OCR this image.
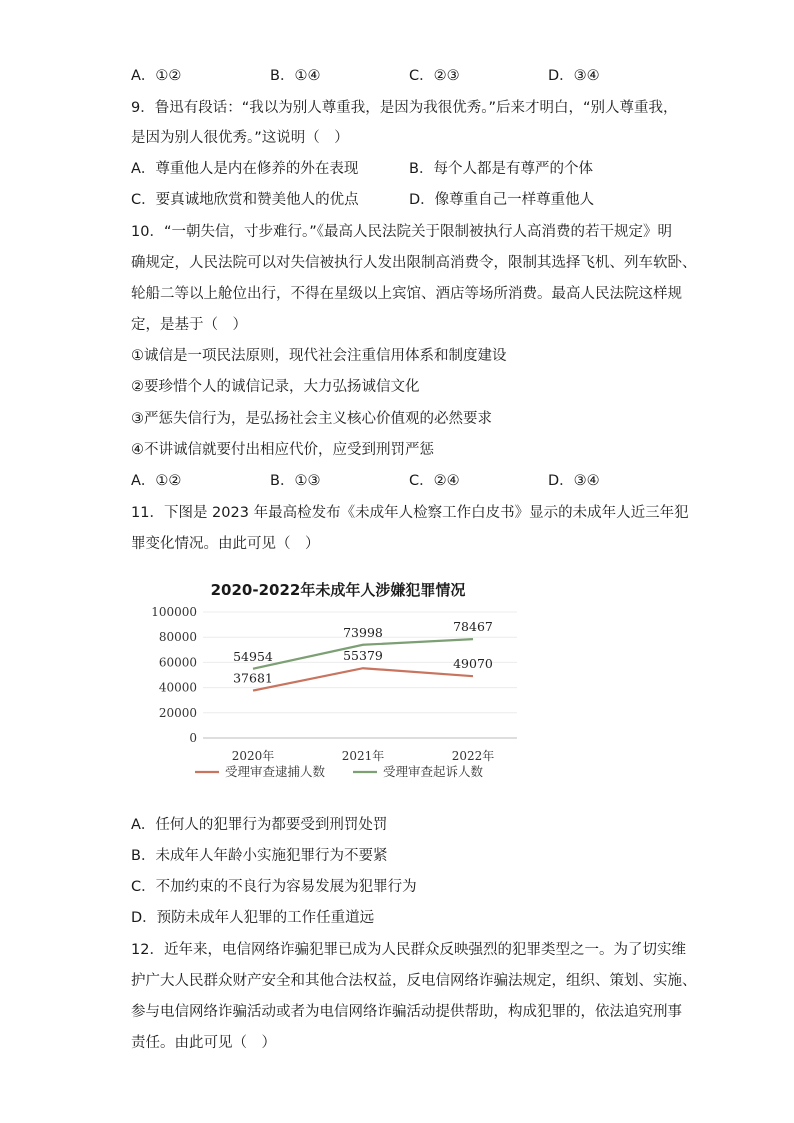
A．①②	B．①④	C．②③	D．③④
9．鲁迅有段话：“我以为别人尊重我，是因为我很优秀。”后来才明白，“别人尊重我，
是因为别人很优秀。”这说明（　）
A．尊重他人是内在修养的外在表现	B．每个人都是有尊严的个体
C．要真诚地欣赏和赞美他人的优点	D．像尊重自己一样尊重他人
10．“一朝失信，寸步难行。”《最高人民法院关于限制被执行人高消费的若干规定》明
确规定，人民法院可以对失信被执行人发出限制高消费令，限制其选择飞机、列车软卧、
轮船二等以上舱位出行，不得在星级以上宾馆、酒店等场所消费。最高人民法院这样规
定，是基于（　）
①诚信是一项民法原则，现代社会注重信用体系和制度建设
②要珍惜个人的诚信记录，大力弘扬诚信文化
③严惩失信行为，是弘扬社会主义核心价值观的必然要求
④不讲诚信就要付出相应代价，应受到刑罚严惩
A．①②	B．①③	C．②④	D．③④
11．下图是 2023 年最高检发布《未成年人检察工作白皮书》显示的未成年人近三年犯
罪变化情况。由此可见（　）
2020-2022年未成年人涉嫌犯罪情况
0
20000
40000
60000
80000
100000
2020年	2021年	2022年
37681
55379
49070
54954
73998	78467
受理审查逮捕人数	受理审查起诉人数
A．任何人的犯罪行为都要受到刑罚处罚
B．未成年人年龄小实施犯罪行为不要紧
C．不加约束的不良行为容易发展为犯罪行为
D．预防未成年人犯罪的工作任重道远
12．近年来，电信网络诈骗犯罪已成为人民群众反映强烈的犯罪类型之一。为了切实维
护广大人民群众财产安全和其他合法权益，反电信网络诈骗法规定，组织、策划、实施、
参与电信网络诈骗活动或者为电信网络诈骗活动提供帮助，构成犯罪的，依法追究刑事
责任。由此可见（　）
